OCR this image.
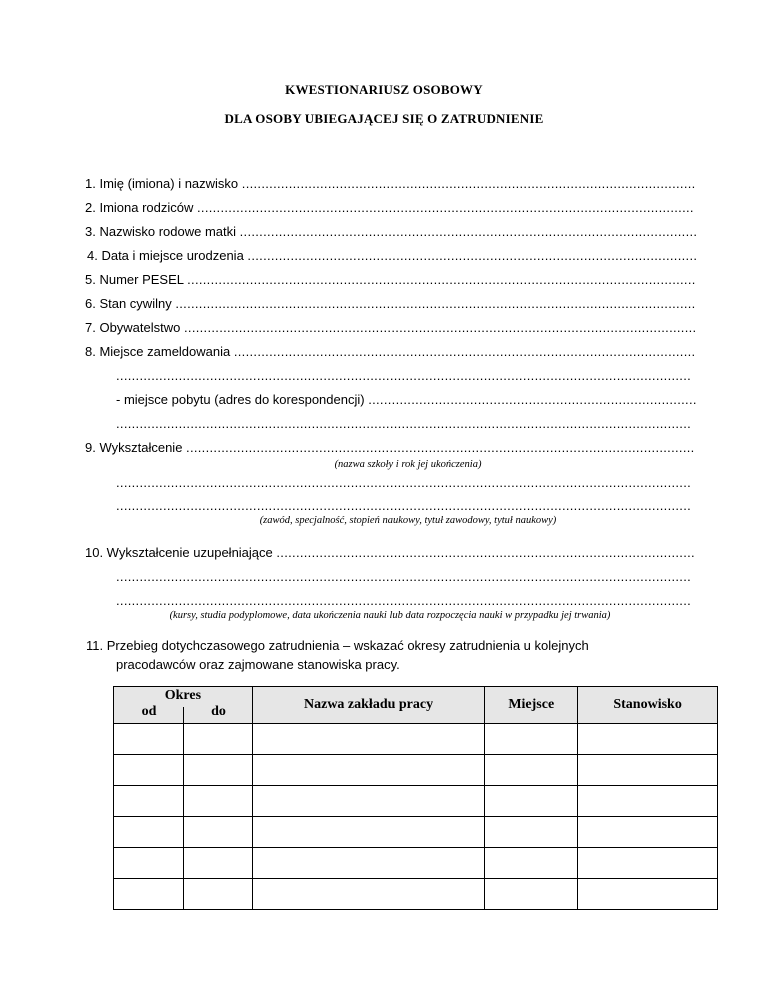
KWESTIONARIUSZ OSOBOWY
DLA OSOBY UBIEGAJĄCEJ SIĘ O ZATRUDNIENIE
1. Imię (imiona) i nazwisko ....................................................................................................................
2. Imiona rodziców ...............................................................................................................................
3. Nazwisko rodowe matki .....................................................................................................................
4. Data i miejsce urodzenia ...................................................................................................................
5. Numer PESEL ..................................................................................................................................
6. Stan cywilny .....................................................................................................................................
7. Obywatelstwo ...................................................................................................................................
8. Miejsce zameldowania ......................................................................................................................
...................................................................................................................................................
- miejsce pobytu (adres do korespondencji) ....................................................................................
...................................................................................................................................................
9. Wykształcenie ..................................................................................................................................
(nazwa szkoły i rok jej ukończenia)
...................................................................................................................................................
...................................................................................................................................................
(zawód, specjalność, stopień naukowy, tytuł zawodowy, tytuł naukowy)
10. Wykształcenie uzupełniające ...........................................................................................................
...................................................................................................................................................
...................................................................................................................................................
(kursy, studia podyplomowe, data ukończenia nauki lub data rozpoczęcia nauki w przypadku jej trwania)
11. Przebieg dotychczasowego zatrudnienia – wskazać okresy zatrudnienia u kolejnych
pracodawców oraz zajmowane stanowiska pracy.
Okres
od do	Nazwa zakładu pracy	Miejsce	Stanowisko
